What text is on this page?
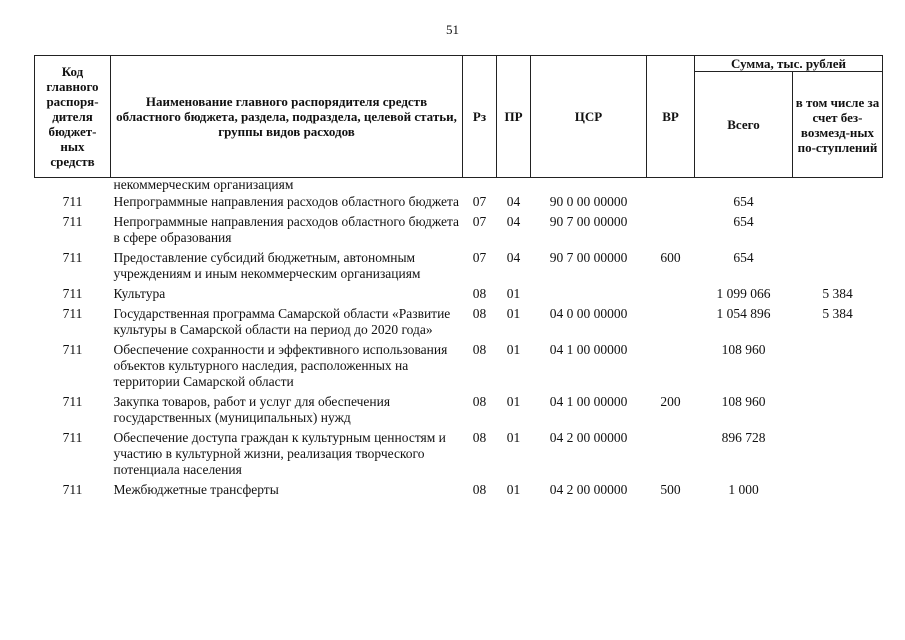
51
Код главного распоря-дителя бюджет-ных средств	Наименование главного распорядителя средств областного бюджета, раздела, подраздела, целевой статьи, группы видов расходов	Рз	ПР	ЦСР	ВР	Сумма, тыс. рублей	
						Всего	в том числе за счет без-возмезд-ных по-ступлений
	некоммерческим организациям						
711	Непрограммные направления расходов областного бюджета	07	04	90 0 00 00000		654	
711	Непрограммные направления расходов областного бюджета в сфере образования	07	04	90 7 00 00000		654	
711	Предоставление субсидий бюджетным, автономным учреждениям и иным некоммерческим организациям	07	04	90 7 00 00000	600	654	
711	Культура	08	01			1 099 066	5 384
711	Государственная программа Самарской области «Развитие культуры в Самарской области на период до 2020 года»	08	01	04 0 00 00000		1 054 896	5 384
711	Обеспечение сохранности и эффективного использования объектов культурного наследия, расположенных на территории Самарской области	08	01	04 1 00 00000		108 960	
711	Закупка товаров, работ и услуг для обеспечения государственных (муниципальных) нужд	08	01	04 1 00 00000	200	108 960	
711	Обеспечение доступа граждан к культурным ценностям и участию в культурной жизни, реализация творческого потенциала населения	08	01	04 2 00 00000		896 728	
711	Межбюджетные трансферты	08	01	04 2 00 00000	500	1 000	
